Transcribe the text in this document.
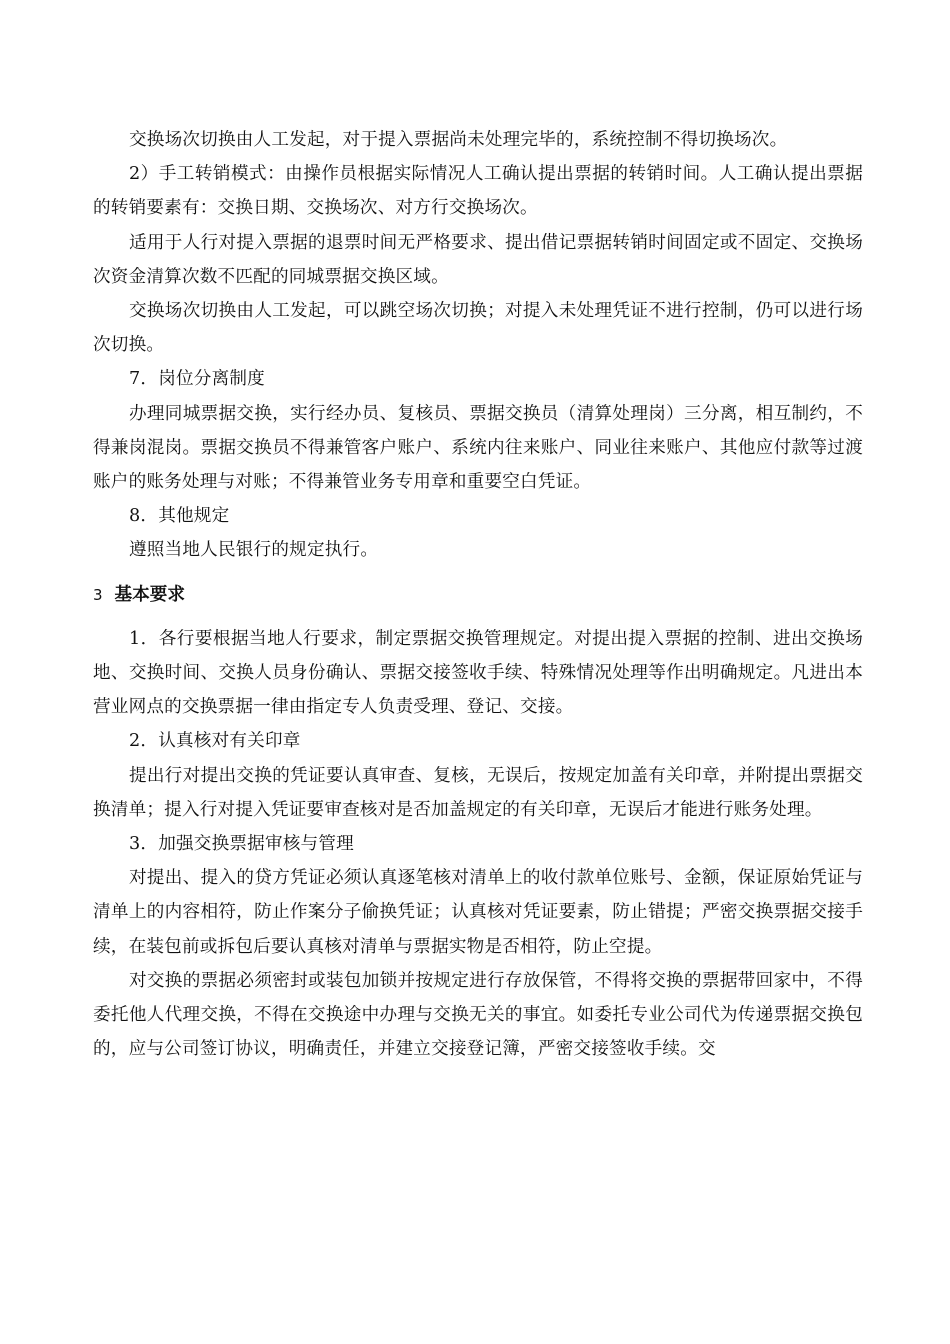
交换场次切换由人工发起，对于提入票据尚未处理完毕的，系统控制不得切换场次。

2）手工转销模式：由操作员根据实际情况人工确认提出票据的转销时间。人工确认提出票据的转销要素有：交换日期、交换场次、对方行交换场次。

适用于人行对提入票据的退票时间无严格要求、提出借记票据转销时间固定或不固定、交换场次资金清算次数不匹配的同城票据交换区域。

交换场次切换由人工发起，可以跳空场次切换；对提入未处理凭证不进行控制，仍可以进行场次切换。

7．岗位分离制度

办理同城票据交换，实行经办员、复核员、票据交换员（清算处理岗）三分离，相互制约，不得兼岗混岗。票据交换员不得兼管客户账户、系统内往来账户、同业往来账户、其他应付款等过渡账户的账务处理与对账；不得兼管业务专用章和重要空白凭证。

8．其他规定

遵照当地人民银行的规定执行。

3 基本要求

1．各行要根据当地人行要求，制定票据交换管理规定。对提出提入票据的控制、进出交换场地、交换时间、交换人员身份确认、票据交接签收手续、特殊情况处理等作出明确规定。凡进出本营业网点的交换票据一律由指定专人负责受理、登记、交接。

2．认真核对有关印章

提出行对提出交换的凭证要认真审查、复核，无误后，按规定加盖有关印章，并附提出票据交换清单；提入行对提入凭证要审查核对是否加盖规定的有关印章，无误后才能进行账务处理。

3．加强交换票据审核与管理

对提出、提入的贷方凭证必须认真逐笔核对清单上的收付款单位账号、金额，保证原始凭证与清单上的内容相符，防止作案分子偷换凭证；认真核对凭证要素，防止错提；严密交换票据交接手续，在装包前或拆包后要认真核对清单与票据实物是否相符，防止空提。

对交换的票据必须密封或装包加锁并按规定进行存放保管，不得将交换的票据带回家中，不得委托他人代理交换，不得在交换途中办理与交换无关的事宜。如委托专业公司代为传递票据交换包的，应与公司签订协议，明确责任，并建立交接登记簿，严密交接签收手续。交
